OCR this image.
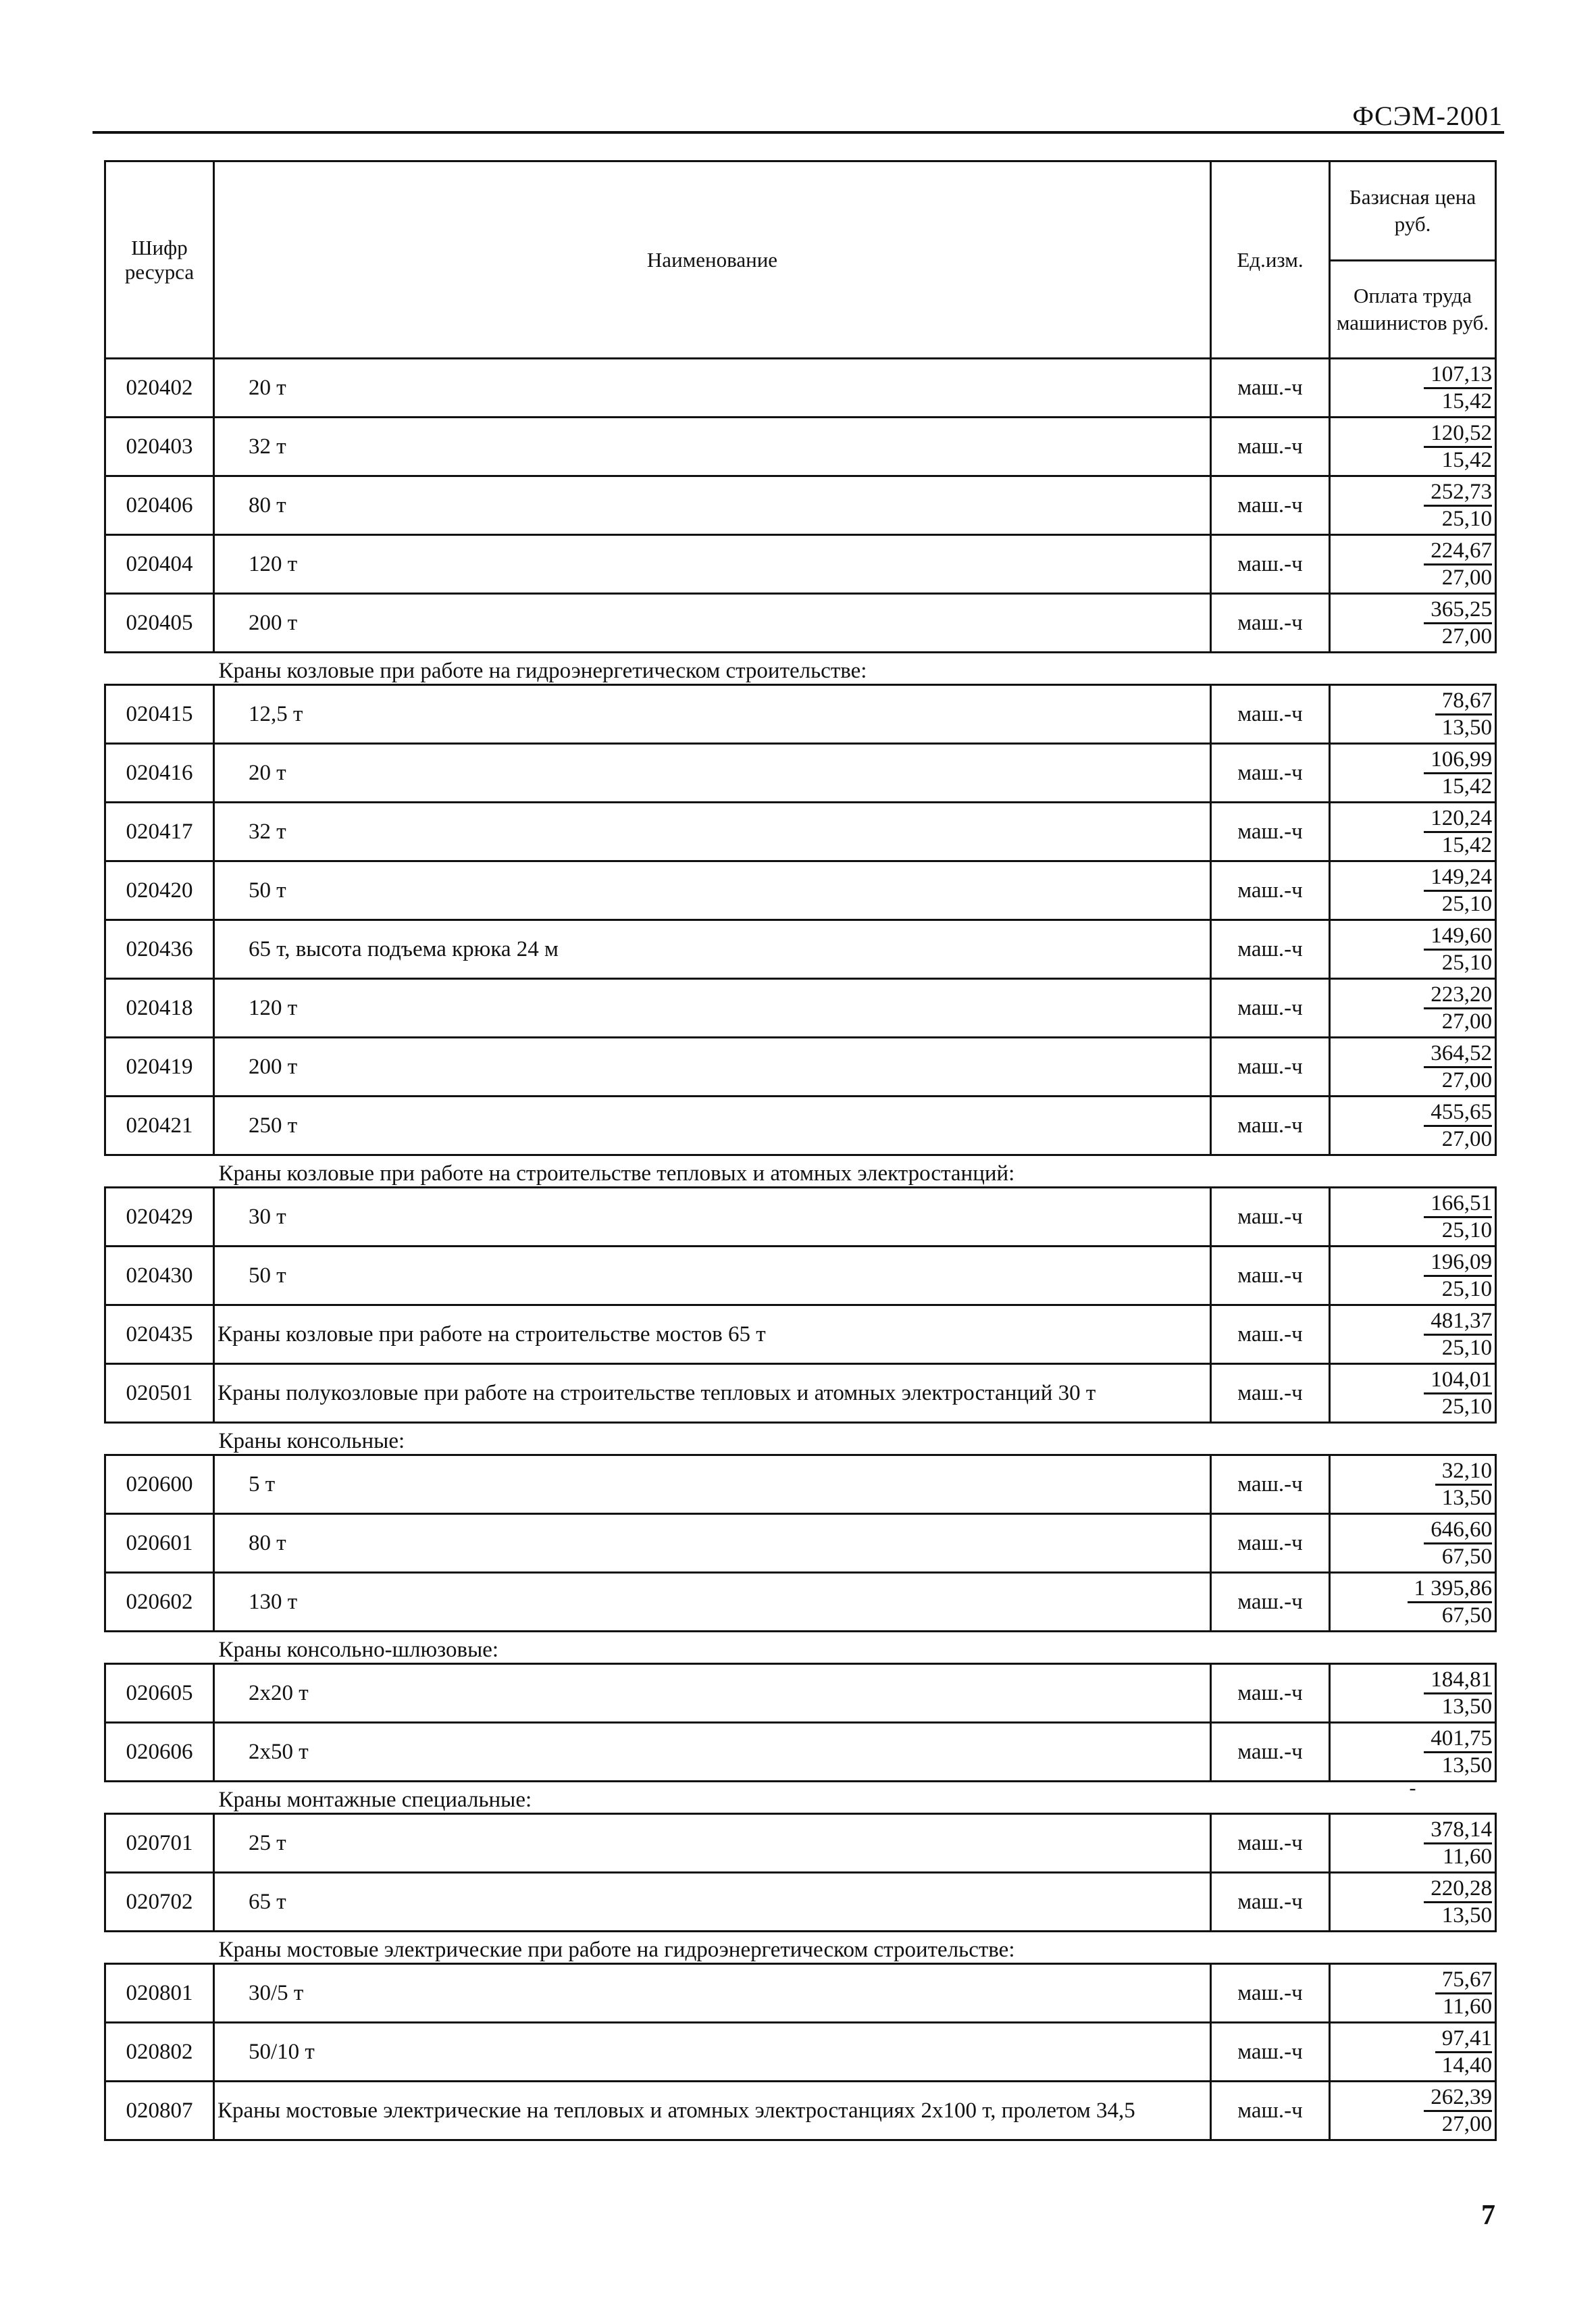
ФСЭМ-2001
Шифр ресурса	Наименование	Ед.изм.	Базисная цена руб.
			Оплата труда машинистов руб.
020402	20 т	маш.-ч	107,13
15,42

020403	32 т	маш.-ч	120,52
15,42

020406	80 т	маш.-ч	252,73
25,10

020404	120 т	маш.-ч	224,67
27,00

020405	200 т	маш.-ч	365,25
27,00

Краны козловые при работе на гидроэнергетическом строительстве:			
020415	12,5 т	маш.-ч	78,67
13,50

020416	20 т	маш.-ч	106,99
15,42

020417	32 т	маш.-ч	120,24
15,42

020420	50 т	маш.-ч	149,24
25,10

020436	65 т, высота подъема крюка 24 м	маш.-ч	149,60
25,10

020418	120 т	маш.-ч	223,20
27,00

020419	200 т	маш.-ч	364,52
27,00

020421	250 т	маш.-ч	455,65
27,00

Краны козловые при работе на строительстве тепловых и атомных электростанций:			
020429	30 т	маш.-ч	166,51
25,10

020430	50 т	маш.-ч	196,09
25,10

020435	Краны козловые при работе на строительстве мостов 65 т	маш.-ч	481,37
25,10

020501	Краны полукозловые при работе на строительстве тепловых и атомных электростанций 30 т	маш.-ч	104,01
25,10

Краны консольные:			
020600	5 т	маш.-ч	32,10
13,50

020601	80 т	маш.-ч	646,60
67,50

020602	130 т	маш.-ч	1 395,86
67,50

Краны консольно-шлюзовые:			
020605	2х20 т	маш.-ч	184,81
13,50

020606	2х50 т	маш.-ч	401,75
13,50

Краны монтажные специальные:			-
020701	25 т	маш.-ч	378,14
11,60

020702	65 т	маш.-ч	220,28
13,50

Краны мостовые электрические при работе на гидроэнергетическом строительстве:			
020801	30/5 т	маш.-ч	75,67
11,60

020802	50/10 т	маш.-ч	97,41
14,40

020807	Краны мостовые электрические на тепловых и атомных электростанциях 2х100 т, пролетом 34,5	маш.-ч	262,39
27,00
7
